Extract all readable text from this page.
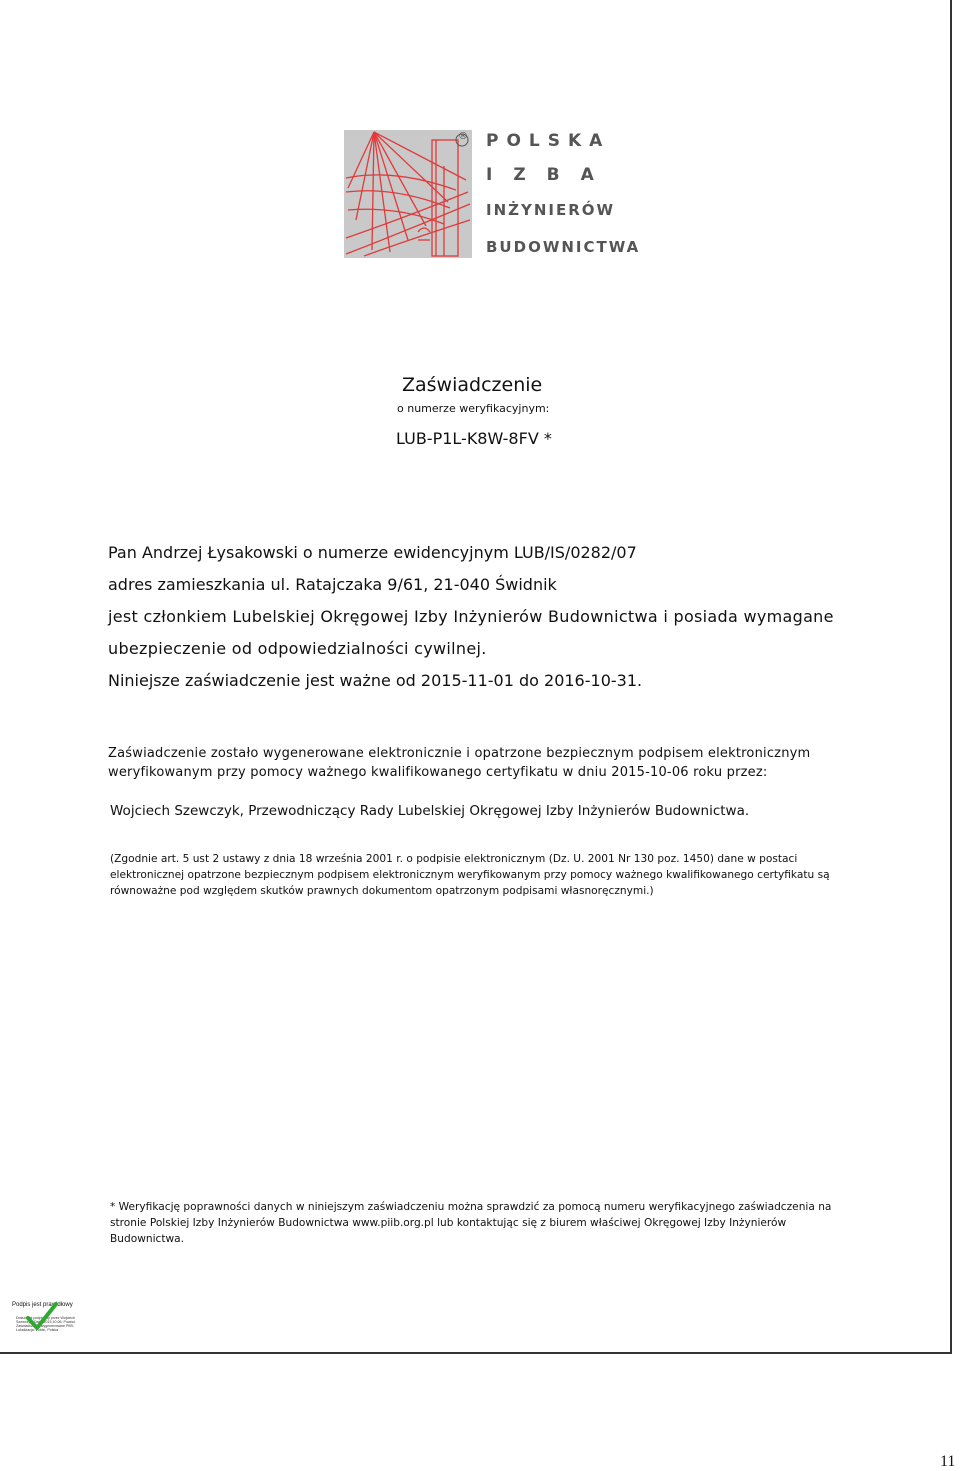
® POLSKA
IZBA
INŻYNIERÓW
BUDOWNICTWA
Zaświadczenie
o numerze weryfikacyjnym:
LUB-P1L-K8W-8FV *
Pan Andrzej Łysakowski o numerze ewidencyjnym LUB/IS/0282/07
adres zamieszkania ul. Ratajczaka 9/61, 21-040 Świdnik
jest członkiem Lubelskiej Okręgowej Izby Inżynierów Budownictwa i posiada wymagane
ubezpieczenie od odpowiedzialności cywilnej.
Niniejsze zaświadczenie jest ważne od 2015-11-01 do 2016-10-31.
Zaświadczenie zostało wygenerowane elektronicznie i opatrzone bezpiecznym podpisem elektronicznym
weryfikowanym przy pomocy ważnego kwalifikowanego certyfikatu w dniu 2015-10-06 roku przez:
Wojciech Szewczyk, Przewodniczący Rady Lubelskiej Okręgowej Izby Inżynierów Budownictwa.
(Zgodnie art. 5 ust 2 ustawy z dnia 18 września 2001 r. o podpisie elektronicznym (Dz. U. 2001 Nr 130 poz. 1450) dane w postaci
elektronicznej opatrzone bezpiecznym podpisem elektronicznym weryfikowanym przy pomocy ważnego kwalifikowanego certyfikatu są
równoważne pod względem skutków prawnych dokumentom opatrzonym podpisami własnoręcznymi.)
* Weryfikację poprawności danych w niniejszym zaświadczeniu można sprawdzić za pomocą numeru weryfikacyjnego zaświadczenia na
stronie Polskiej Izby Inżynierów Budownictwa www.piib.org.pl lub kontaktując się z biurem właściwej Okręgowej Izby Inżynierów
Budownictwa.
Podpis jest prawidłowy
Dokument podpisany przez Wojciech Szewczyk; Data: 2015.10.06; Powód: Zaświadczenie wygenerowane PIIB; Lokalizacja: Lublin, Polska
11
